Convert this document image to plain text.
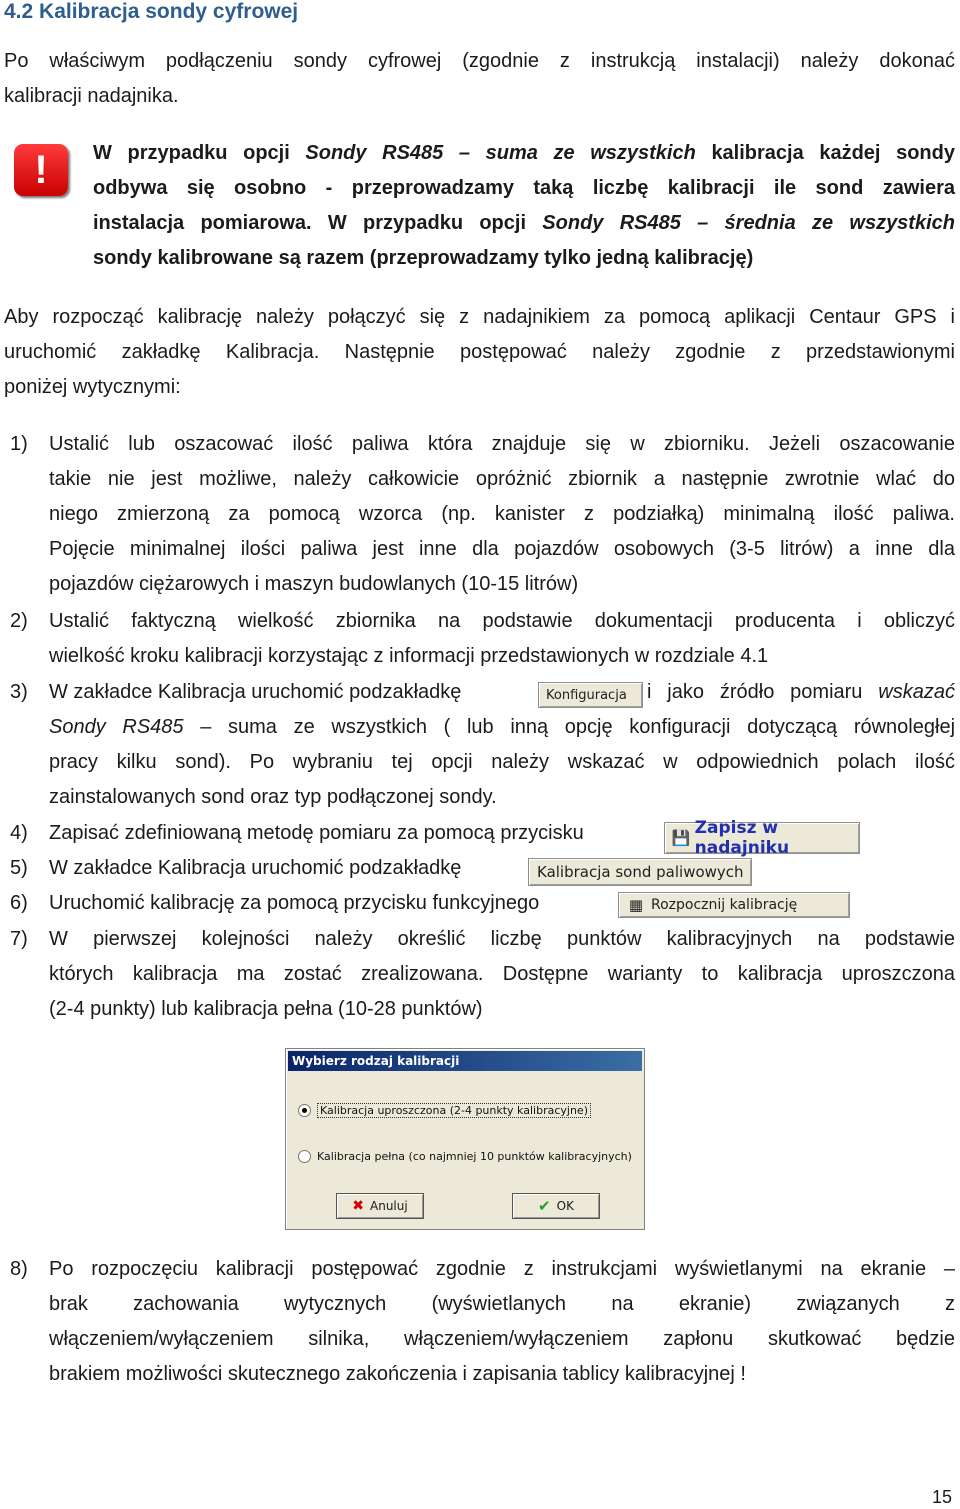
4.2 Kalibracja sondy cyfrowej
Po właściwym podłączeniu sondy cyfrowej (zgodnie z instrukcją instalacji) należy dokonać
kalibracji nadajnika.
!	W przypadku opcji Sondy RS485 – suma ze wszystkich kalibracja każdej sondy
odbywa się osobno - przeprowadzamy taką liczbę kalibracji ile sond zawiera
instalacja pomiarowa. W przypadku opcji Sondy RS485 – średnia ze wszystkich
sondy kalibrowane są razem (przeprowadzamy tylko jedną kalibrację)
Aby rozpocząć kalibrację należy połączyć się z nadajnikiem za pomocą aplikacji Centaur GPS i
uruchomić zakładkę Kalibracja. Następnie postępować należy zgodnie z przedstawionymi
poniżej wytycznymi:
1) Ustalić lub oszacować ilość paliwa która znajduje się w zbiorniku. Jeżeli oszacowanie
takie nie jest możliwe, należy całkowicie opróżnić zbiornik a następnie zwrotnie wlać do
niego zmierzoną za pomocą wzorca (np. kanister z podziałką) minimalną ilość paliwa.
Pojęcie minimalnej ilości paliwa jest inne dla pojazdów osobowych (3-5 litrów) a inne dla
pojazdów ciężarowych i maszyn budowlanych (10-15 litrów)
2) Ustalić faktyczną wielkość zbiornika na podstawie dokumentacji producenta i obliczyć
wielkość kroku kalibracji korzystając z informacji przedstawionych w rozdziale 4.1
3) W zakładce Kalibracja uruchomić podzakładkę	Konfiguracja	i jako źródło pomiaru wskazać
Sondy RS485 – suma ze wszystkich ( lub inną opcję konfiguracji dotyczącą równoległej
pracy kilku sond). Po wybraniu tej opcji należy wskazać w odpowiednich polach ilość
zainstalowanych sond oraz typ podłączonej sondy.
4) Zapisać zdefiniowaną metodę pomiaru za pomocą przycisku	💾 Zapisz w nadajniku
5) W zakładce Kalibracja uruchomić podzakładkę	Kalibracja sond paliwowych
6) Uruchomić kalibrację za pomocą przycisku funkcyjnego	▦ Rozpocznij kalibrację
7) W pierwszej kolejności należy określić liczbę punktów kalibracyjnych na podstawie
których kalibracja ma zostać zrealizowana. Dostępne warianty to kalibracja uproszczona
(2-4 punkty) lub kalibracja pełna (10-28 punktów)
Wybierz rodzaj kalibracji
Kalibracja uproszczona (2-4 punkty kalibracyjne)
Kalibracja pełna (co najmniej 10 punktów kalibracyjnych)
✖ Anuluj	✔ OK
8) Po rozpoczęciu kalibracji postępować zgodnie z instrukcjami wyświetlanymi na ekranie –
brak zachowania wytycznych (wyświetlanych na ekranie) związanych z
włączeniem/wyłączeniem silnika, włączeniem/wyłączeniem zapłonu skutkować będzie
brakiem możliwości skutecznego zakończenia i zapisania tablicy kalibracyjnej !
15
